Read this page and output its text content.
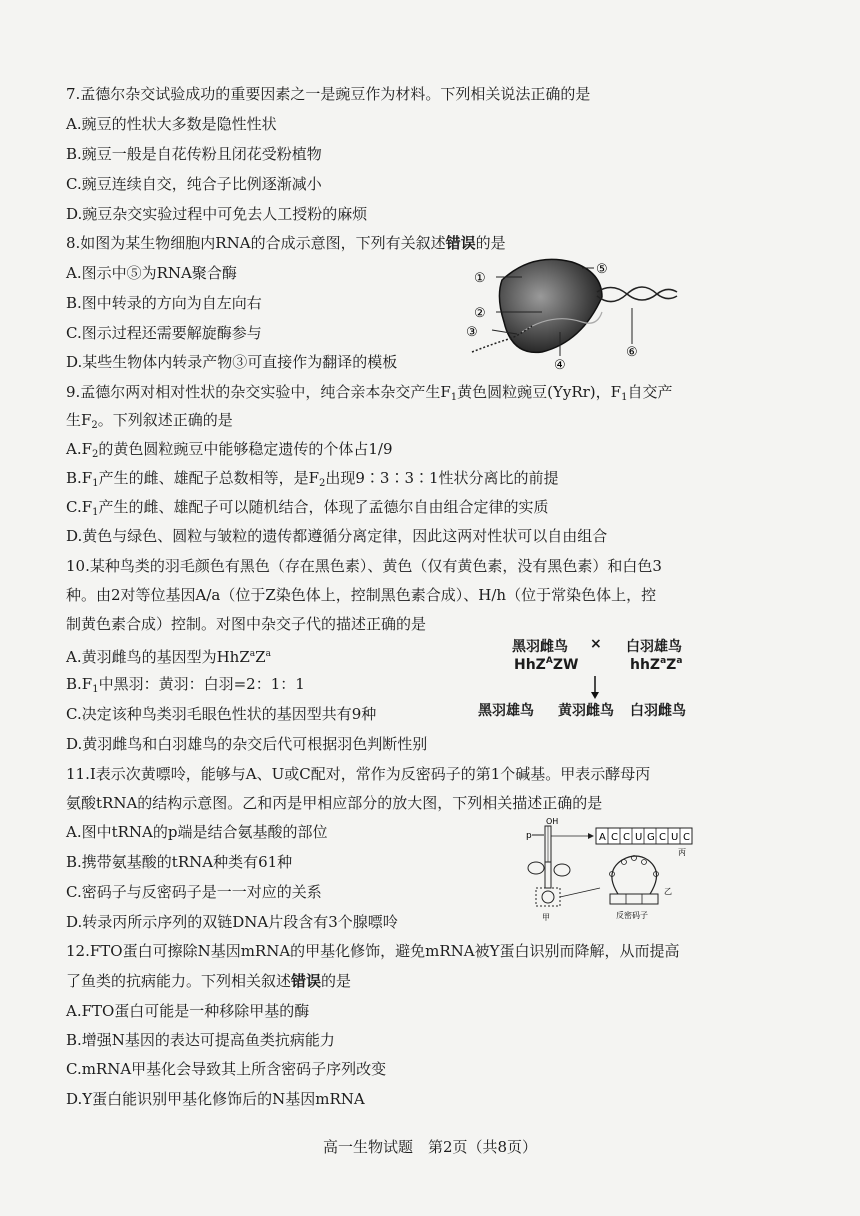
7.孟德尔杂交试验成功的重要因素之一是豌豆作为材料。下列相关说法正确的是
A.豌豆的性状大多数是隐性性状
B.豌豆一般是自花传粉且闭花受粉植物
C.豌豆连续自交，纯合子比例逐渐减小
D.豌豆杂交实验过程中可免去人工授粉的麻烦
8.如图为某生物细胞内RNA的合成示意图，下列有关叙述错误的是
A.图示中⑤为RNA聚合酶
B.图中转录的方向为自左向右
C.图示过程还需要解旋酶参与
D.某些生物体内转录产物③可直接作为翻译的模板
①
⑤
②
③
④
⑥
9.孟德尔两对相对性状的杂交实验中，纯合亲本杂交产生$F_1$黄色圆粒豌豆(YyRr)，$F_1$自交产
生$F_2$。下列叙述正确的是
$A.F_2$的黄色圆粒豌豆中能够稳定遗传的个体占1/9
$B.F_1$产生的雌、雄配子总数相等，是$F_2$出现9∶3∶3∶1性状分离比的前提
$C.F_1$产生的雌、雄配子可以随机结合，体现了孟德尔自由组合定律的实质
D.黄色与绿色、圆粒与皱粒的遗传都遵循分离定律，因此这两对性状可以自由组合
10.某种鸟类的羽毛颜色有黑色（存在黑色素）、黄色（仅有黄色素，没有黑色素）和白色3
种。由2对等位基因A/a（位于Z染色体上，控制黑色素合成）、H/h（位于常染色体上，控
制黄色素合成）控制。对图中杂交子代的描述正确的是
A.黄羽雌鸟的基因型为$HhZ^aZ^a$
$B.F_1$中黑羽：黄羽：白羽=2：1：1
C.决定该种鸟类羽毛眼色性状的基因型共有9种
D.黄羽雌鸟和白羽雄鸟的杂交后代可根据羽色判断性别
黑羽雌鸟 × 白羽雄鸟
HhZ$^A$ZW	$hhZ^aZ^a$
黑羽雄鸟 黄羽雌鸟 白羽雌鸟
11.I表示次黄嘌呤，能够与A、U或C配对，常作为反密码子的第1个碱基。甲表示酵母丙
氨酸tRNA的结构示意图。乙和丙是甲相应部分的放大图，下列相关描述正确的是
A.图中tRNA的p端是结合氨基酸的部位
B.携带氨基酸的tRNA种类有61种
C.密码子与反密码子是一一对应的关系
D.转录丙所示序列的双链DNA片段含有3个腺嘌呤
OH
p
甲
A C C U G C U C
丙
乙
反密码子
12.FTO蛋白可擦除N基因mRNA的甲基化修饰，避免mRNA被Y蛋白识别而降解，从而提高
了鱼类的抗病能力。下列相关叙述错误的是
A.FTO蛋白可能是一种移除甲基的酶
B.增强N基因的表达可提高鱼类抗病能力
C.mRNA甲基化会导致其上所含密码子序列改变
D.Y蛋白能识别甲基化修饰后的N基因mRNA
高一生物试题　第2页（共8页）
